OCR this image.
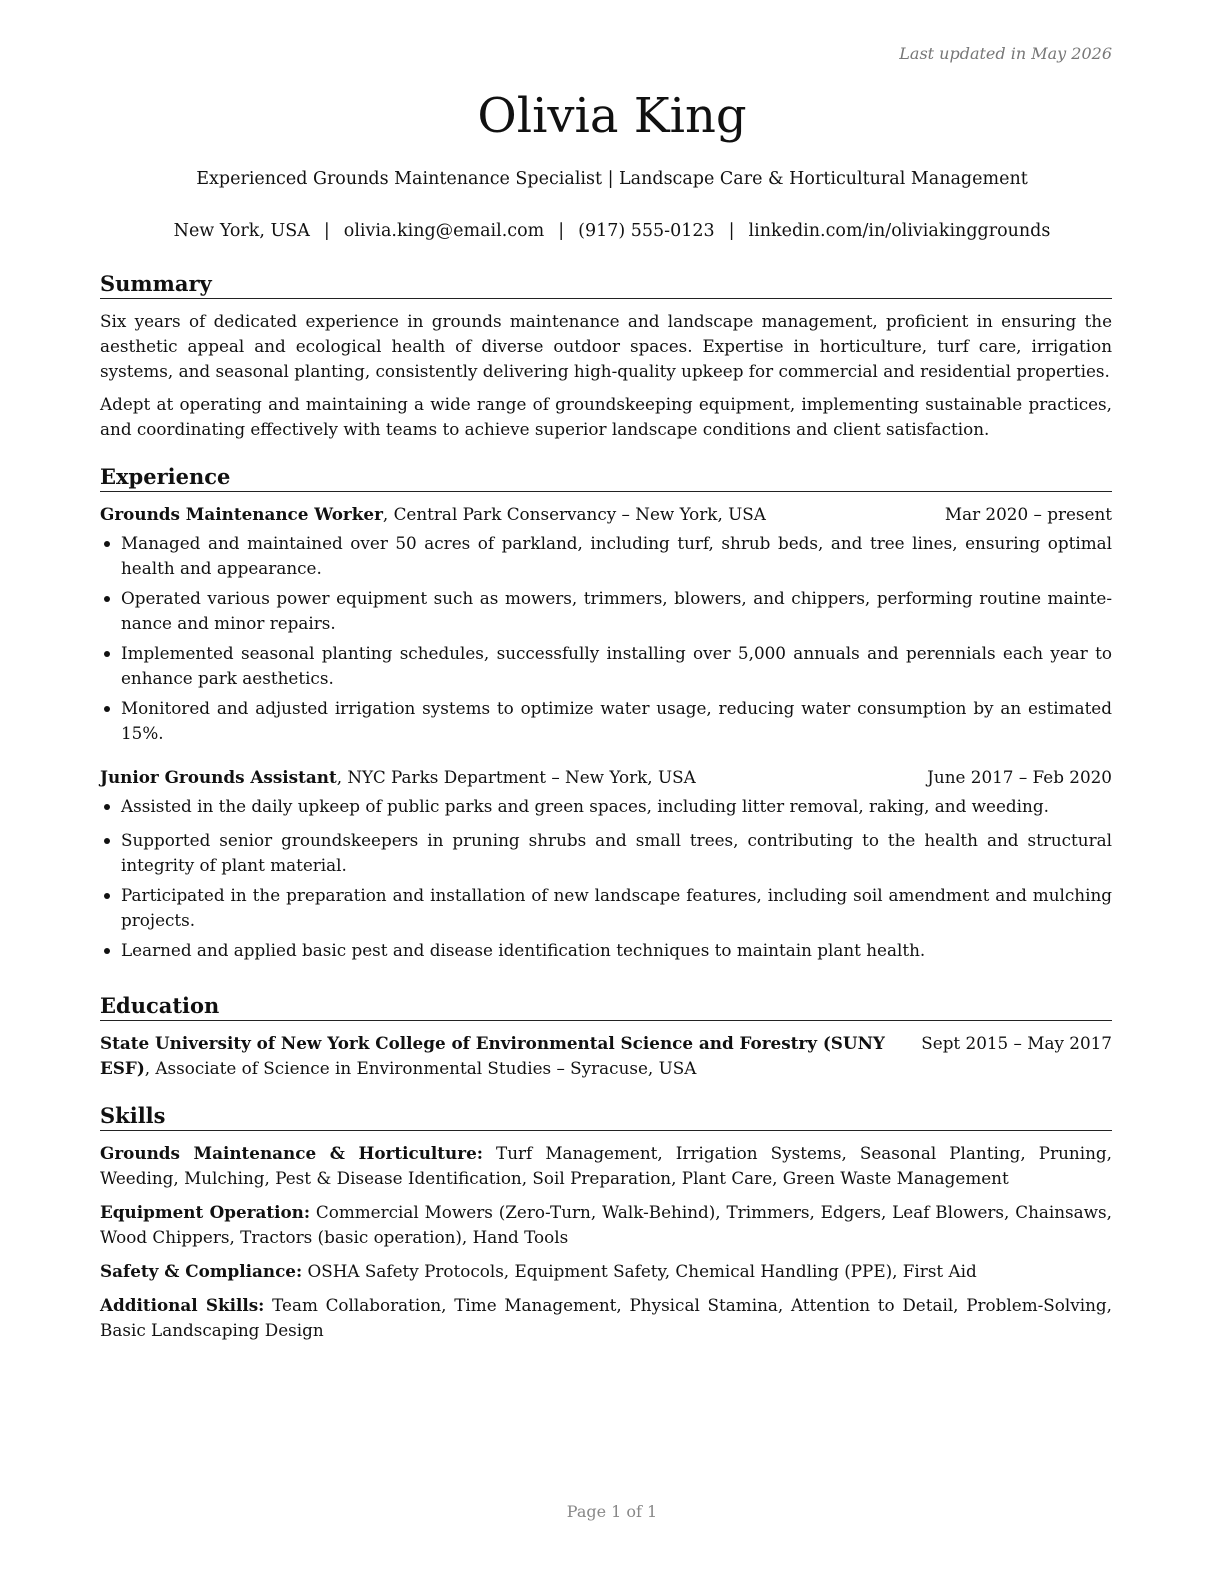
Last updated in May 2026
Olivia King
Experienced Grounds Maintenance Specialist | Landscape Care & Horticultural Management
New York, USA | olivia.king@email.com | (917) 555-0123 | linkedin.com/in/oliviakinggrounds
Summary

Six years of dedicated experience in grounds maintenance and landscape management, proficient in ensuring the aesthetic appeal and ecological health of diverse outdoor spaces. Expertise in horticulture, turf care, irrigation systems, and seasonal planting, consistently delivering high-quality upkeep for commercial and residential properties.

Adept at operating and maintaining a wide range of groundskeeping equipment, implementing sustainable practices, and coordinating effectively with teams to achieve superior landscape conditions and client satisfaction.

Experience
Grounds Maintenance Worker, Central Park Conservancy – New York, USA	Mar 2020 – present
Managed and maintained over 50 acres of parkland, including turf, shrub beds, and tree lines, ensuring optimal health and appearance.
Operated various power equipment such as mowers, trimmers, blowers, and chippers, performing routine maintenance and minor repairs.
Implemented seasonal planting schedules, successfully installing over 5,000 annuals and perennials each year to enhance park aesthetics.
Monitored and adjusted irrigation systems to optimize water usage, reducing water consumption by an estimated 15%.
Junior Grounds Assistant, NYC Parks Department – New York, USA	June 2017 – Feb 2020
Assisted in the daily upkeep of public parks and green spaces, including litter removal, raking, and weeding.
Supported senior groundskeepers in pruning shrubs and small trees, contributing to the health and structural integrity of plant material.
Participated in the preparation and installation of new landscape features, including soil amendment and mulching projects.
Learned and applied basic pest and disease identification techniques to maintain plant health.
Education
State University of New York College of Environmental Science and Forestry (SUNY ESF), Associate of Science in Environmental Studies – Syracuse, USA
Sept 2015 – May 2017
Skills

Grounds Maintenance & Horticulture: Turf Management, Irrigation Systems, Seasonal Planting, Pruning, Weeding, Mulching, Pest & Disease Identification, Soil Preparation, Plant Care, Green Waste Management

Equipment Operation: Commercial Mowers (Zero-Turn, Walk-Behind), Trimmers, Edgers, Leaf Blowers, Chainsaws, Wood Chippers, Tractors (basic operation), Hand Tools

Safety & Compliance: OSHA Safety Protocols, Equipment Safety, Chemical Handling (PPE), First Aid

Additional Skills: Team Collaboration, Time Management, Physical Stamina, Attention to Detail, Problem-Solving, Basic Landscaping Design

Page 1 of 1
